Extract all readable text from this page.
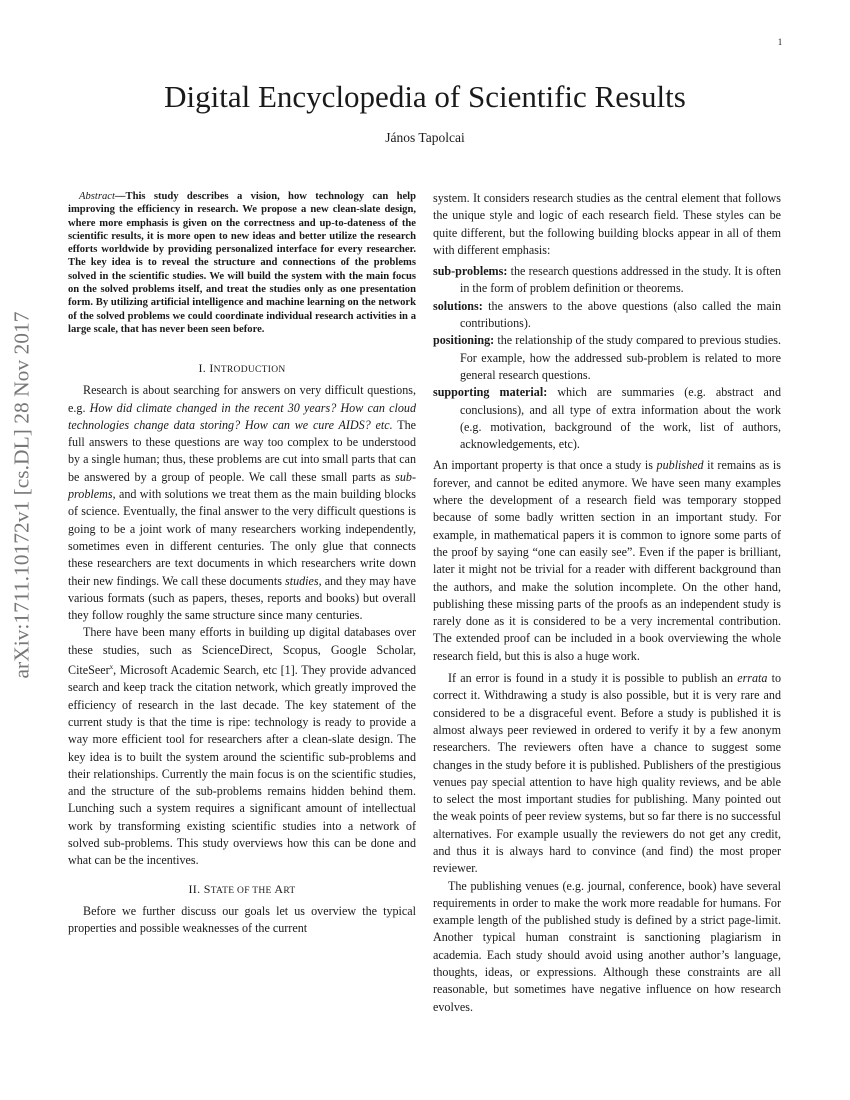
1
arXiv:1711.10172v1 [cs.DL] 28 Nov 2017
Digital Encyclopedia of Scientific Results

János Tapolcai

Abstract—This study describes a vision, how technology can help improving the efficiency in research. We propose a new clean-slate design, where more emphasis is given on the correctness and up-to-dateness of the scientific results, it is more open to new ideas and better utilize the research efforts worldwide by providing personalized interface for every researcher. The key idea is to reveal the structure and connections of the problems solved in the scientific studies. We will build the system with the main focus on the solved problems itself, and treat the studies only as one presentation form. By utilizing artificial intelligence and machine learning on the network of the solved problems we could coordinate individual research activities in a large scale, that has never been seen before.

I. INTRODUCTION

Research is about searching for answers on very difficult questions, e.g. How did climate changed in the recent 30 years? How can cloud technologies change data storing? How can we cure AIDS? etc. The full answers to these questions are way too complex to be understood by a single human; thus, these problems are cut into small parts that can be answered by a group of people. We call these small parts as sub-problems, and with solutions we treat them as the main building blocks of science. Eventually, the final answer to the very difficult questions is going to be a joint work of many researchers working independently, sometimes even in different centuries. The only glue that connects these researchers are text documents in which researchers write down their new findings. We call these documents studies, and they may have various formats (such as papers, theses, reports and books) but overall they follow roughly the same structure since many centuries.

There have been many efforts in building up digital databases over these studies, such as ScienceDirect, Scopus, Google Scholar, CiteSeer$^x$, Microsoft Academic Search, etc [1]. They provide advanced search and keep track the citation network, which greatly improved the efficiency of research in the last decade. The key statement of the current study is that the time is ripe: technology is ready to provide a way more efficient tool for researchers after a clean-slate design. The key idea is to built the system around the scientific sub-problems and their relationships. Currently the main focus is on the scientific studies, and the structure of the sub-problems remains hidden behind them. Lunching such a system requires a significant amount of intellectual work by transforming existing scientific studies into a network of solved sub-problems. This study overviews how this can be done and what can be the incentives.

II. STATE OF THE ART

Before we further discuss our goals let us overview the typical properties and possible weaknesses of the current

system. It considers research studies as the central element that follows the unique style and logic of each research field. These styles can be quite different, but the following building blocks appear in all of them with different emphasis:

sub-problems: the research questions addressed in the study. It is often in the form of problem definition or theorems.
solutions: the answers to the above questions (also called the main contributions).
positioning: the relationship of the study compared to previous studies. For example, how the addressed sub-problem is related to more general research questions.
supporting material: which are summaries (e.g. abstract and conclusions), and all type of extra information about the work (e.g. motivation, background of the work, list of authors, acknowledgements, etc).

An important property is that once a study is published it remains as is forever, and cannot be edited anymore. We have seen many examples where the development of a research field was temporary stopped because of some badly written section in an important study. For example, in mathematical papers it is common to ignore some parts of the proof by saying “one can easily see”. Even if the paper is brilliant, later it might not be trivial for a reader with different background than the authors, and make the solution incomplete. On the other hand, publishing these missing parts of the proofs as an independent study is rarely done as it is considered to be a very incremental contribution. The extended proof can be included in a book overviewing the whole research field, but this is also a huge work.

If an error is found in a study it is possible to publish an errata to correct it. Withdrawing a study is also possible, but it is very rare and considered to be a disgraceful event. Before a study is published it is almost always peer reviewed in ordered to verify it by a few anonym researchers. The reviewers often have a chance to suggest some changes in the study before it is published. Publishers of the prestigious venues pay special attention to have high quality reviews, and be able to select the most important studies for publishing. Many pointed out the weak points of peer review systems, but so far there is no successful alternatives. For example usually the reviewers do not get any credit, and thus it is always hard to convince (and find) the most proper reviewer.

The publishing venues (e.g. journal, conference, book) have several requirements in order to make the work more readable for humans. For example length of the published study is defined by a strict page-limit. Another typical human constraint is sanctioning plagiarism in academia. Each study should avoid using another author’s language, thoughts, ideas, or expressions. Although these constraints are all reasonable, but sometimes have negative influence on how research evolves.
